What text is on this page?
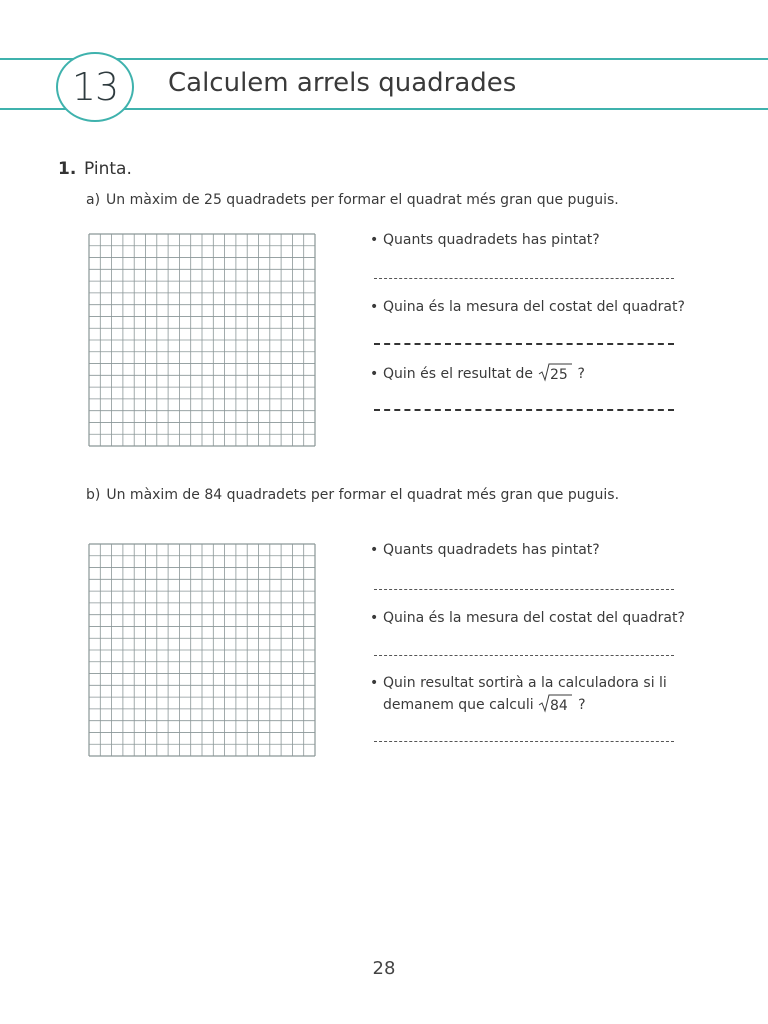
13 Calculem arrels quadrades
1. Pinta.
a) Un màxim de 25 quadradets per formar el quadrat més gran que puguis.
• Quants quadradets has pintat?
• Quina és la mesura del costat del quadrat?
• Quin és el resultat de 25 ?
b) Un màxim de 84 quadradets per formar el quadrat més gran que puguis.
• Quants quadradets has pintat?
• Quina és la mesura del costat del quadrat?
• Quin resultat sortirà a la calculadora si li
demanem que calculi 84 ?
28
